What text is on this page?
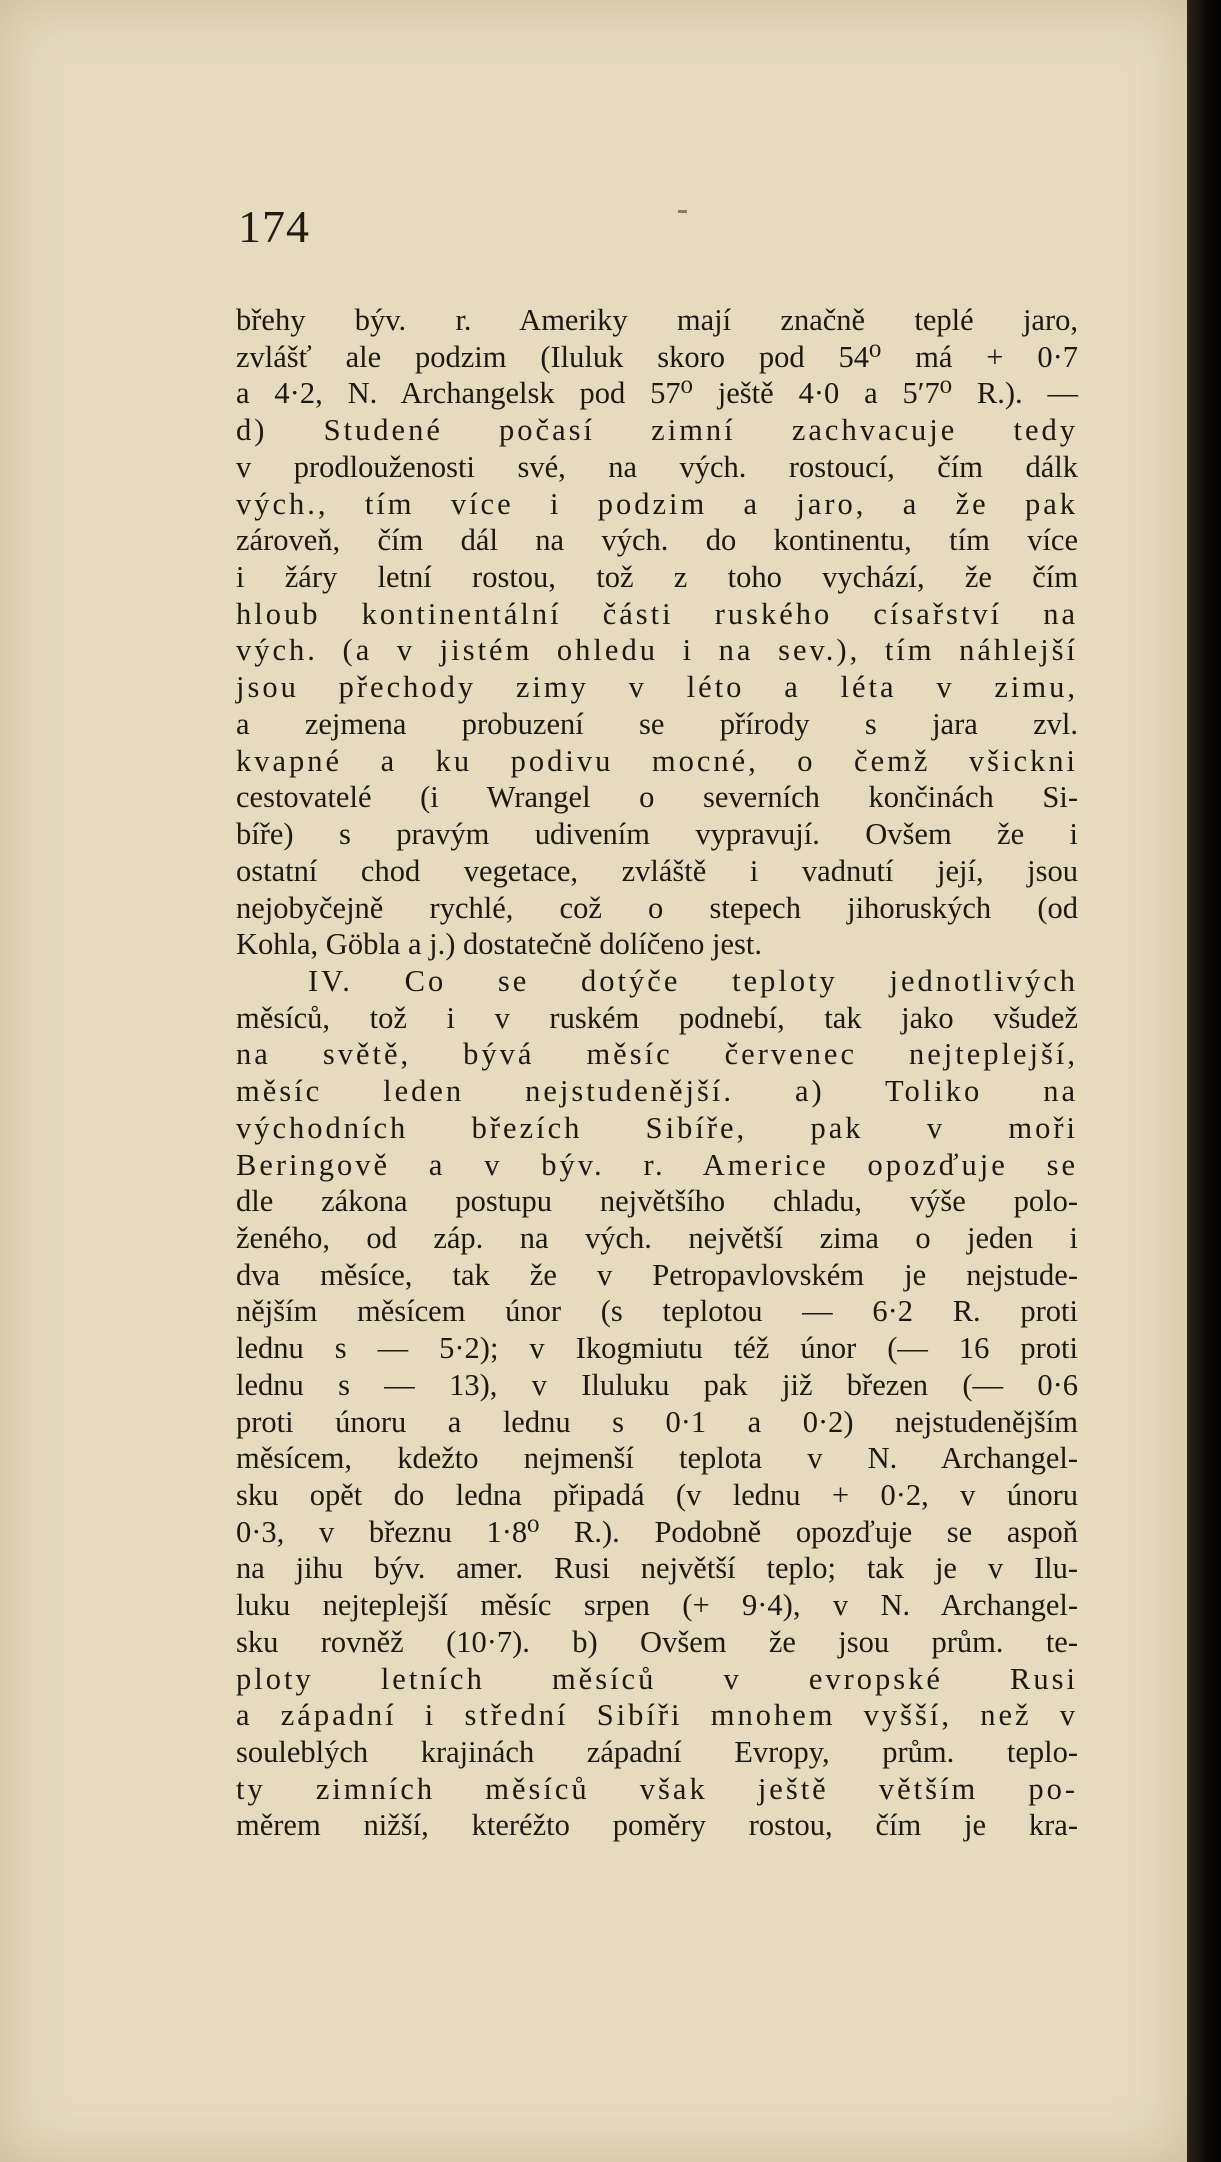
174
břehy býv. r. Ameriky mají značně teplé jaro,
zvlášť ale podzim (Iluluk skoro pod 54⁰ má + 0·7
a 4·2, N. Archangelsk pod 57⁰ ještě 4·0 a 5′7⁰ R.). —
d) Studené počasí zimní zachvacuje tedy
v prodlouženosti své, na vých. rostoucí, čím dálk
vých., tím více i podzim a jaro, a že pak
zároveň, čím dál na vých. do kontinentu, tím více
i žáry letní rostou, tož z toho vychází, že čím
hloub kontinentální části ruského císařství na
vých. (a v jistém ohledu i na sev.), tím náhlejší
jsou přechody zimy v léto a léta v zimu,
a zejmena probuzení se přírody s jara zvl.
kvapné a ku podivu mocné, o čemž všickni
cestovatelé (i Wrangel o severních končinách Si-
bíře) s pravým udivením vypravují. Ovšem že i
ostatní chod vegetace, zvláště i vadnutí její, jsou
nejobyčejně rychlé, což o stepech jihoruských (od
Kohla, Göbla a j.) dostatečně dolíčeno jest.
IV. Co se dotýče teploty jednotlivých
měsíců, tož i v ruském podnebí, tak jako všudež
na světě, bývá měsíc červenec nejteplejší,
měsíc leden nejstudenější. a) Toliko na
východních březích Sibíře, pak v moři
Beringově a v býv. r. Americe opozďuje se
dle zákona postupu největšího chladu, výše polo-
ženého, od záp. na vých. největší zima o jeden i
dva měsíce, tak že v Petropavlovském je nejstude-
nějším měsícem únor (s teplotou — 6·2 R. proti
lednu s — 5·2); v Ikogmiutu též únor (— 16 proti
lednu s — 13), v Iluluku pak již březen (— 0·6
proti únoru a lednu s 0·1 a 0·2) nejstudenějším
měsícem, kdežto nejmenší teplota v N. Archangel-
sku opět do ledna připadá (v lednu + 0·2, v únoru
0·3, v březnu 1·8⁰ R.). Podobně opozďuje se aspoň
na jihu býv. amer. Rusi největší teplo; tak je v Ilu-
luku nejteplejší měsíc srpen (+ 9·4), v N. Archangel-
sku rovněž (10·7). b) Ovšem že jsou prům. te-
ploty letních měsíců v evropské Rusi
a západní i střední Sibíři mnohem vyšší, než v
souleblých krajinách západní Evropy, prům. teplo-
ty zimních měsíců však ještě větším po-
měrem nižší, kteréžto poměry rostou, čím je kra-
